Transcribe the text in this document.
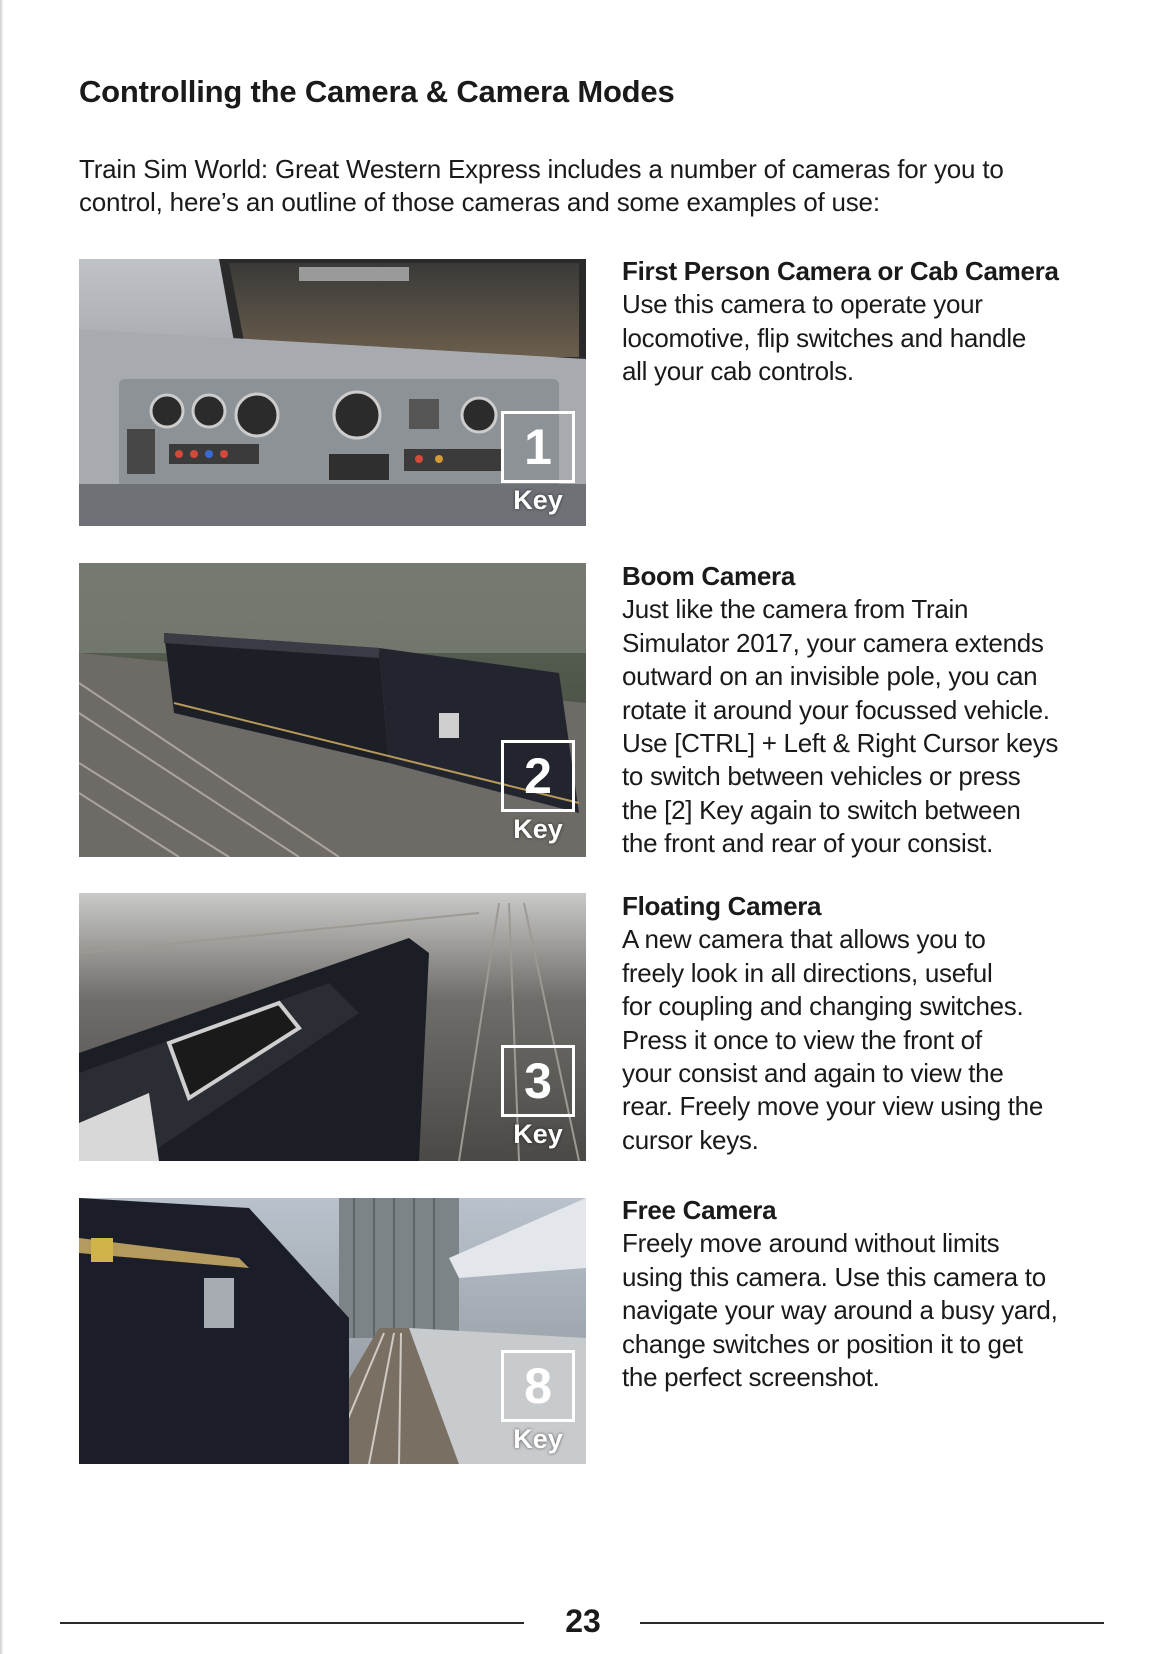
Controlling the Camera & Camera Modes
Train Sim World: Great Western Express includes a number of cameras for you to
control, here’s an outline of those cameras and some examples of use:
1
Key
First Person Camera or Cab Camera
Use this camera to operate your
locomotive, flip switches and handle
all your cab controls.
2
Key
Boom Camera
Just like the camera from Train
Simulator 2017, your camera extends
outward on an invisible pole, you can
rotate it around your focussed vehicle.
Use [CTRL] + Left & Right Cursor keys
to switch between vehicles or press
the [2] Key again to switch between
the front and rear of your consist.
3
Key
Floating Camera
A new camera that allows you to
freely look in all directions, useful
for coupling and changing switches.
Press it once to view the front of
your consist and again to view the
rear. Freely move your view using the
cursor keys.
8
Key
Free Camera
Freely move around without limits
using this camera. Use this camera to
navigate your way around a busy yard,
change switches or position it to get
the perfect screenshot.
23
